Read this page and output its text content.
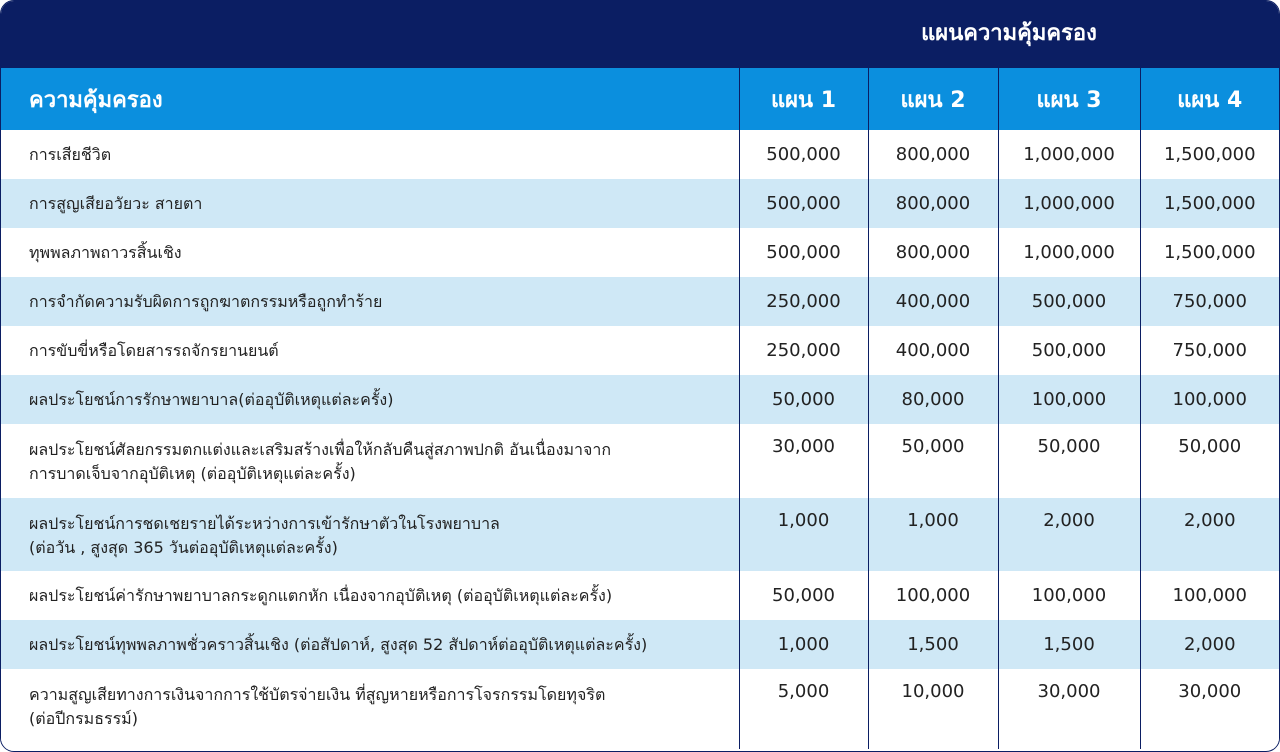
	แผนความคุ้มครอง			
ความคุ้มครอง	แผน 1	แผน 2	แผน 3	แผน 4

การเสียชีวิต	500,000	800,000	1,000,000	1,500,000

การสูญเสียอวัยวะ สายตา	500,000	800,000	1,000,000	1,500,000

ทุพพลภาพถาวรสิ้นเชิง	500,000	800,000	1,000,000	1,500,000

การจำกัดความรับผิดการถูกฆาตกรรมหรือถูกทำร้าย	250,000	400,000	500,000	750,000

การขับขี่หรือโดยสารรถจักรยานยนต์	250,000	400,000	500,000	750,000

ผลประโยชน์การรักษาพยาบาล(ต่ออุบัติเหตุแต่ละครั้ง)	50,000	80,000	100,000	100,000

ผลประโยชน์ศัลยกรรมตกแต่งและเสริมสร้างเพื่อให้กลับคืนสู่สภาพปกติ อันเนื่องมาจาก
การบาดเจ็บจากอุบัติเหตุ (ต่ออุบัติเหตุแต่ละครั้ง)	30,000	50,000	50,000	50,000

ผลประโยชน์การชดเชยรายได้ระหว่างการเข้ารักษาตัวในโรงพยาบาล
(ต่อวัน , สูงสุด 365 วันต่ออุบัติเหตุแต่ละครั้ง)	1,000	1,000	2,000	2,000

ผลประโยชน์ค่ารักษาพยาบาลกระดูกแตกหัก เนื่องจากอุบัติเหตุ (ต่ออุบัติเหตุแต่ละครั้ง)	50,000	100,000	100,000	100,000

ผลประโยชน์ทุพพลภาพชั่วคราวสิ้นเชิง (ต่อสัปดาห์, สูงสุด 52 สัปดาห์ต่ออุบัติเหตุแต่ละครั้ง)	1,000	1,500	1,500	2,000

ความสูญเสียทางการเงินจากการใช้บัตรจ่ายเงิน ที่สูญหายหรือการโจรกรรมโดยทุจริต
(ต่อปีกรมธรรม์)	5,000	10,000	30,000	30,000
